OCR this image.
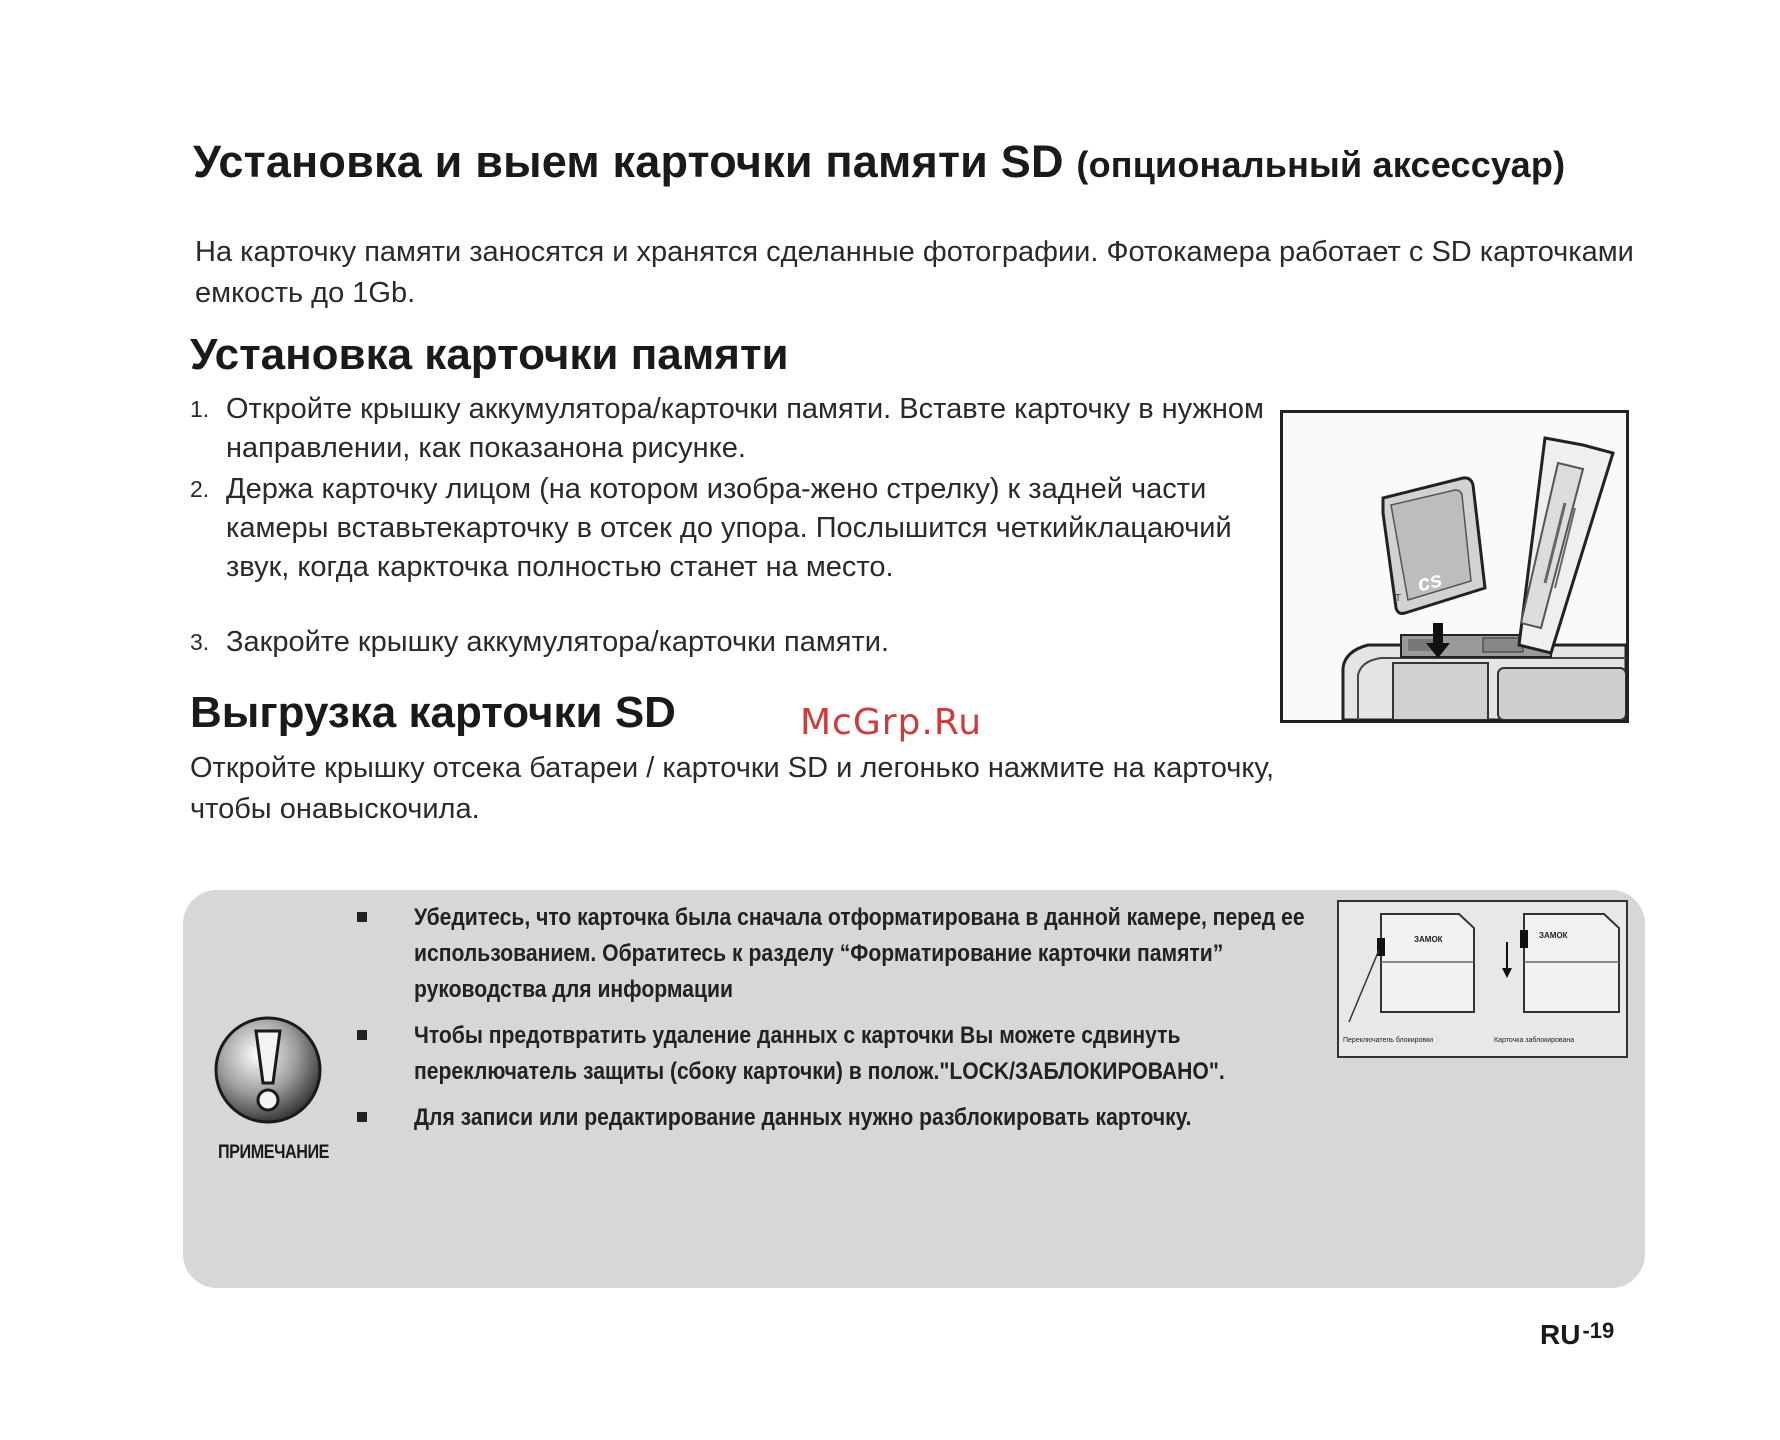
Установка и выем карточки памяти SD (опциональный аксессуар)
На карточку памяти заносятся и хранятся сделанные фотографии. Фотокамера работает с SD карточками емкость до 1Gb.
Установка карточки памяти
1. Откройте крышку аккумулятора/карточки памяти. Вставте карточку в нужном направлении, как показанона рисунке.
2. Держа карточку лицом (на котором изобра-жено стрелку) к задней части камеры вставьтекарточку в отсек до упора. Послышится четкийклацаючий звук, когда каркточка полностью станет на место.
3. Закройте крышку аккумулятора/карточки памяти.
cs
T
Выгрузка карточки SD	McGrp.Ru
Откройте крышку отсека батареи / карточки SD и легонько нажмите на карточку, чтобы онавыскочила.
ПРИМЕЧАНИЕ
Убедитесь, что карточка была сначала отформатирована в данной камере, перед ее использованием. Обратитесь к разделу “Форматирование карточки памяти” руководства для информации
Чтобы предотвратить удаление данных с карточки Вы можете сдвинуть переключатель защиты (сбоку карточки) в полож."LOCK/ЗАБЛОКИРОВАНО".
Для записи или редактирование данных нужно разблокировать карточку.
ЗАМОК	ЗАМОК
Переключатель блокировки	Карточка заблокирована
$RU^{-19}$
